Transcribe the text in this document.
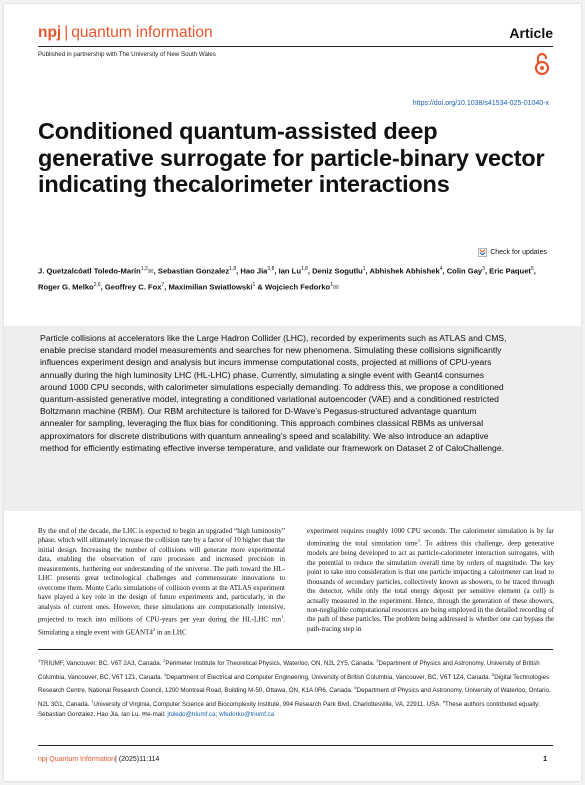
npj | quantum information	Article
Published in partnership with The University of New South Wales
https://doi.org/10.1038/s41534-025-01040-x
Conditioned quantum-assisted deep generative surrogate for particle-binary vector indicating thecalorimeter interactions
Check for updates
J. Quetzalcóatl Toledo-Marín$^{1,2}$✉, Sebastian Gonzalez$^{1,8}$, Hao Jia$^{3,8}$, Ian Lu$^{1,8}$, Deniz Sogutlu$^1$, Abhishek Abhishek$^4$, Colin Gay$^3$, Eric Paquet$^5$, Roger G. Melko$^{2,6}$, Geoffrey C. Fox$^7$, Maximilian Swiatlowski$^1$ & Wojciech Fedorko$^1$✉

Particle collisions at accelerators like the Large Hadron Collider (LHC), recorded by experiments such as ATLAS and CMS, enable precise standard model measurements and searches for new phenomena. Simulating these collisions significantly influences experiment design and analysis but incurs immense computational costs, projected at millions of CPU-years annually during the high luminosity LHC (HL-LHC) phase. Currently, simulating a single event with Geant4 consumes around 1000 CPU seconds, with calorimeter simulations especially demanding. To address this, we propose a conditioned quantum-assisted generative model, integrating a conditioned variational autoencoder (VAE) and a conditioned restricted Boltzmann machine (RBM). Our RBM architecture is tailored for D-Wave’s Pegasus-structured advantage quantum annealer for sampling, leveraging the flux bias for conditioning. This approach combines classical RBMs as universal approximators for discrete distributions with quantum annealing’s speed and scalability. We also introduce an adaptive method for efficiently estimating effective inverse temperature, and validate our framework on Dataset 2 of CaloChallenge.

By the end of the decade, the LHC is expected to begin an upgraded “high luminosity” phase, which will ultimately increase the collision rate by a factor of 10 higher than the initial design. Increasing the number of collisions will generate more experimental data, enabling the observation of rare processes and increased precision in measurements, furthering our understanding of the universe. The path toward the HL-LHC presents great technological challenges and commensurate innovations to overcome them. Monte Carlo simulations of collision events at the ATLAS experiment have played a key role in the design of future experiments and, particularly, in the analysis of current ones. However, these simulations are computationally intensive, projected to reach into millions of CPU-years per year during the HL-LHC run$^1$. Simulating a single event with $GEANT4^2$ in an LHC

experiment requires roughly 1000 CPU seconds. The calorimeter simulation is by far dominating the total simulation time$^3$. To address this challenge, deep generative models are being developed to act as particle-calorimeter interaction surrogates, with the potential to reduce the simulation overall time by orders of magnitude. The key point to take into consideration is that one particle impacting a calorimeter can lead to thousands of secondary particles, collectively known as showers, to be traced through the detector, while only the total energy deposit per sensitive element (a cell) is actually measured in the experiment. Hence, through the generation of these showers, non-negligible computational resources are being employed in the detailed recording of the path of these particles. The problem being addressed is whether one can bypass the path-tracing step in

$^1$TRIUMF, Vancouver, BC, V6T 2A3, Canada. $^2$Perimeter Institute for Theoretical Physics, Waterloo, ON, N2L 2Y5, Canada. $^3$Department of Physics and Astronomy, University of British Columbia, Vancouver, BC, V6T 1Z1, Canada. $^4$Department of Electrical and Computer Engineering, University of British Columbia, Vancouver, BC, V6T 1Z4, Canada. $^5$Digital Technologies Research Centre, National Research Council, 1200 Montreal Road, Building M-50, Ottawa, ON, K1A 0R6, Canada. $^6$Department of Physics and Astronomy, University of Waterloo, Ontario, N2L 3G1, Canada. $^7$University of Virginia, Computer Science and Biocomplexity Institute, 994 Research Park Blvd, Charlottesville, VA, 22911, USA. $^8$These authors contributed equally: Sebastian Gonzalez, Hao Jia, Ian Lu. ✉e-mail: jtoledo@triumf.ca; wfedorko@triumf.ca

npj Quantum Information| (2025)11:114	1
